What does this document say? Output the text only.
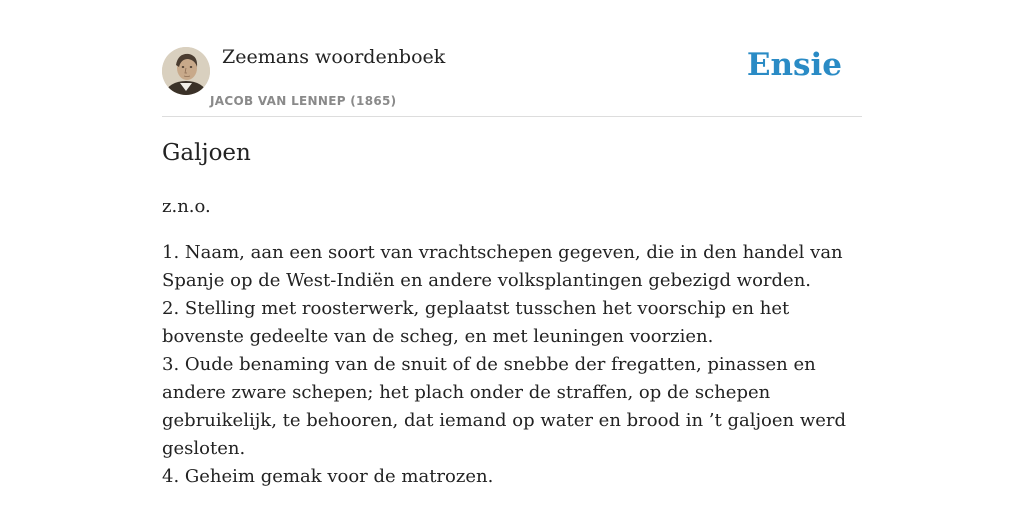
Zeemans woordenboek
JACOB VAN LENNEP (1865)
Ensie
Galjoen
z.n.o.
1. Naam, aan een soort van vrachtschepen gegeven, die in den handel van Spanje op de West-Indiën en andere volksplantingen gebezigd worden.
2. Stelling met roosterwerk, geplaatst tusschen het voorschip en het bovenste gedeelte van de scheg, en met leuningen voorzien.
3. Oude benaming van de snuit of de snebbe der fregatten, pinassen en andere zware schepen; het plach onder de straffen, op de schepen gebruikelijk, te behooren, dat iemand op water en brood in ’t galjoen werd gesloten.
4. Geheim gemak voor de matrozen.
